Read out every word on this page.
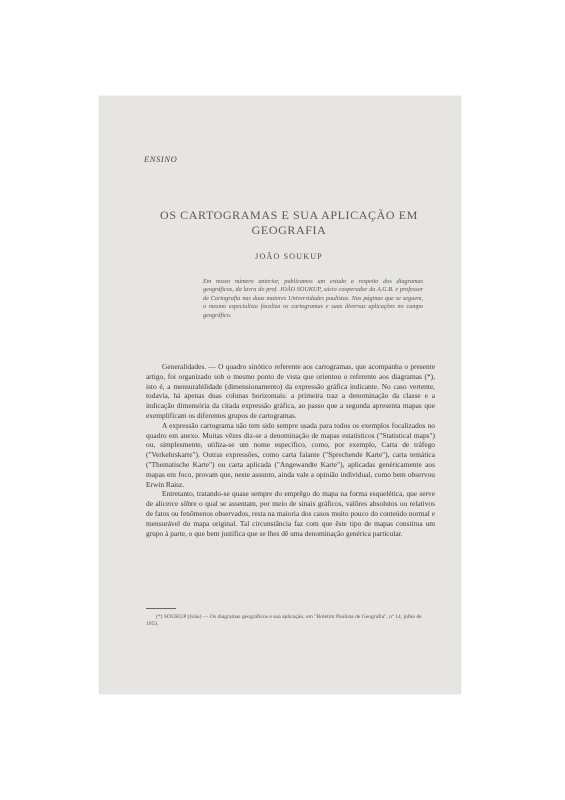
ENSINO
OS CARTOGRAMAS E SUA APLICAÇÃO EM GEOGRAFIA
JOÃO SOUKUP
Em nosso número anterior, publicamos um estudo a respeito dos diagramas geográficos, da lavra do prof. JOÃO SOUKUP, sócio cooperador da A.G.B. e professor de Cartografia nas duas maiores Universidades paulistas. Nas páginas que se seguem, o mesmo especialista focaliza os cartogramas e suas diversas aplicações no campo geográfico.

Generalidades. — O quadro sinótico referente aos cartogramas, que acompanha o presente artigo, foi organizado sob o mesmo ponto de vista que orientou o referente aos diagramas (*), isto é, a mensurabilidade (dimensionamento) da expressão gráfica indicante. No caso vertente, todavia, há apenas duas colunas horizontais: a primeira traz a denominação da classe e a indicação dimensória da citada expressão gráfica, ao passo que a segunda apresenta mapas que exemplificam os diferentes grupos de cartogramas.

A expressão cartograma não tem sido sempre usada para todos os exemplos focalizados no quadro em anexo. Muitas vêzes diz-se a denominação de mapas estatísticos ("Statistical maps") ou, simplesmente, utiliza-se um nome específico, como, por exemplo, Carta de tráfego ("Verkehrskarte"). Outras expressões, como carta falante ("Sprechende Karte"), carta temática ("Thematische Karte") ou carta aplicada ("Angewandte Karte"), aplicadas genèricamente aos mapas em foco, provam que, neste assunto, ainda vale a opinião individual, como bem observou Erwin Raisz.

Entretanto, tratando-se quase sempre do emprêgo do mapa na forma esquelética, que serve de alicerce sôbre o qual se assentam, por meio de sinais gráficos, valôres absolutos ou relativos de fatos ou fenômenos observados, resta na maioria dos casos muito pouco do conteúdo normal e mensurável do mapa original. Tal circunstância faz com que êste tipo de mapas constitua um grupo à parte, o que bem justifica que se lhes dê uma denominação genérica particular.

(*) SOUKUP (João) — Os diagramas geográficos e sua aplicação, em "Boletim Paulista de Geografia", nº 14, julho de 1953.
